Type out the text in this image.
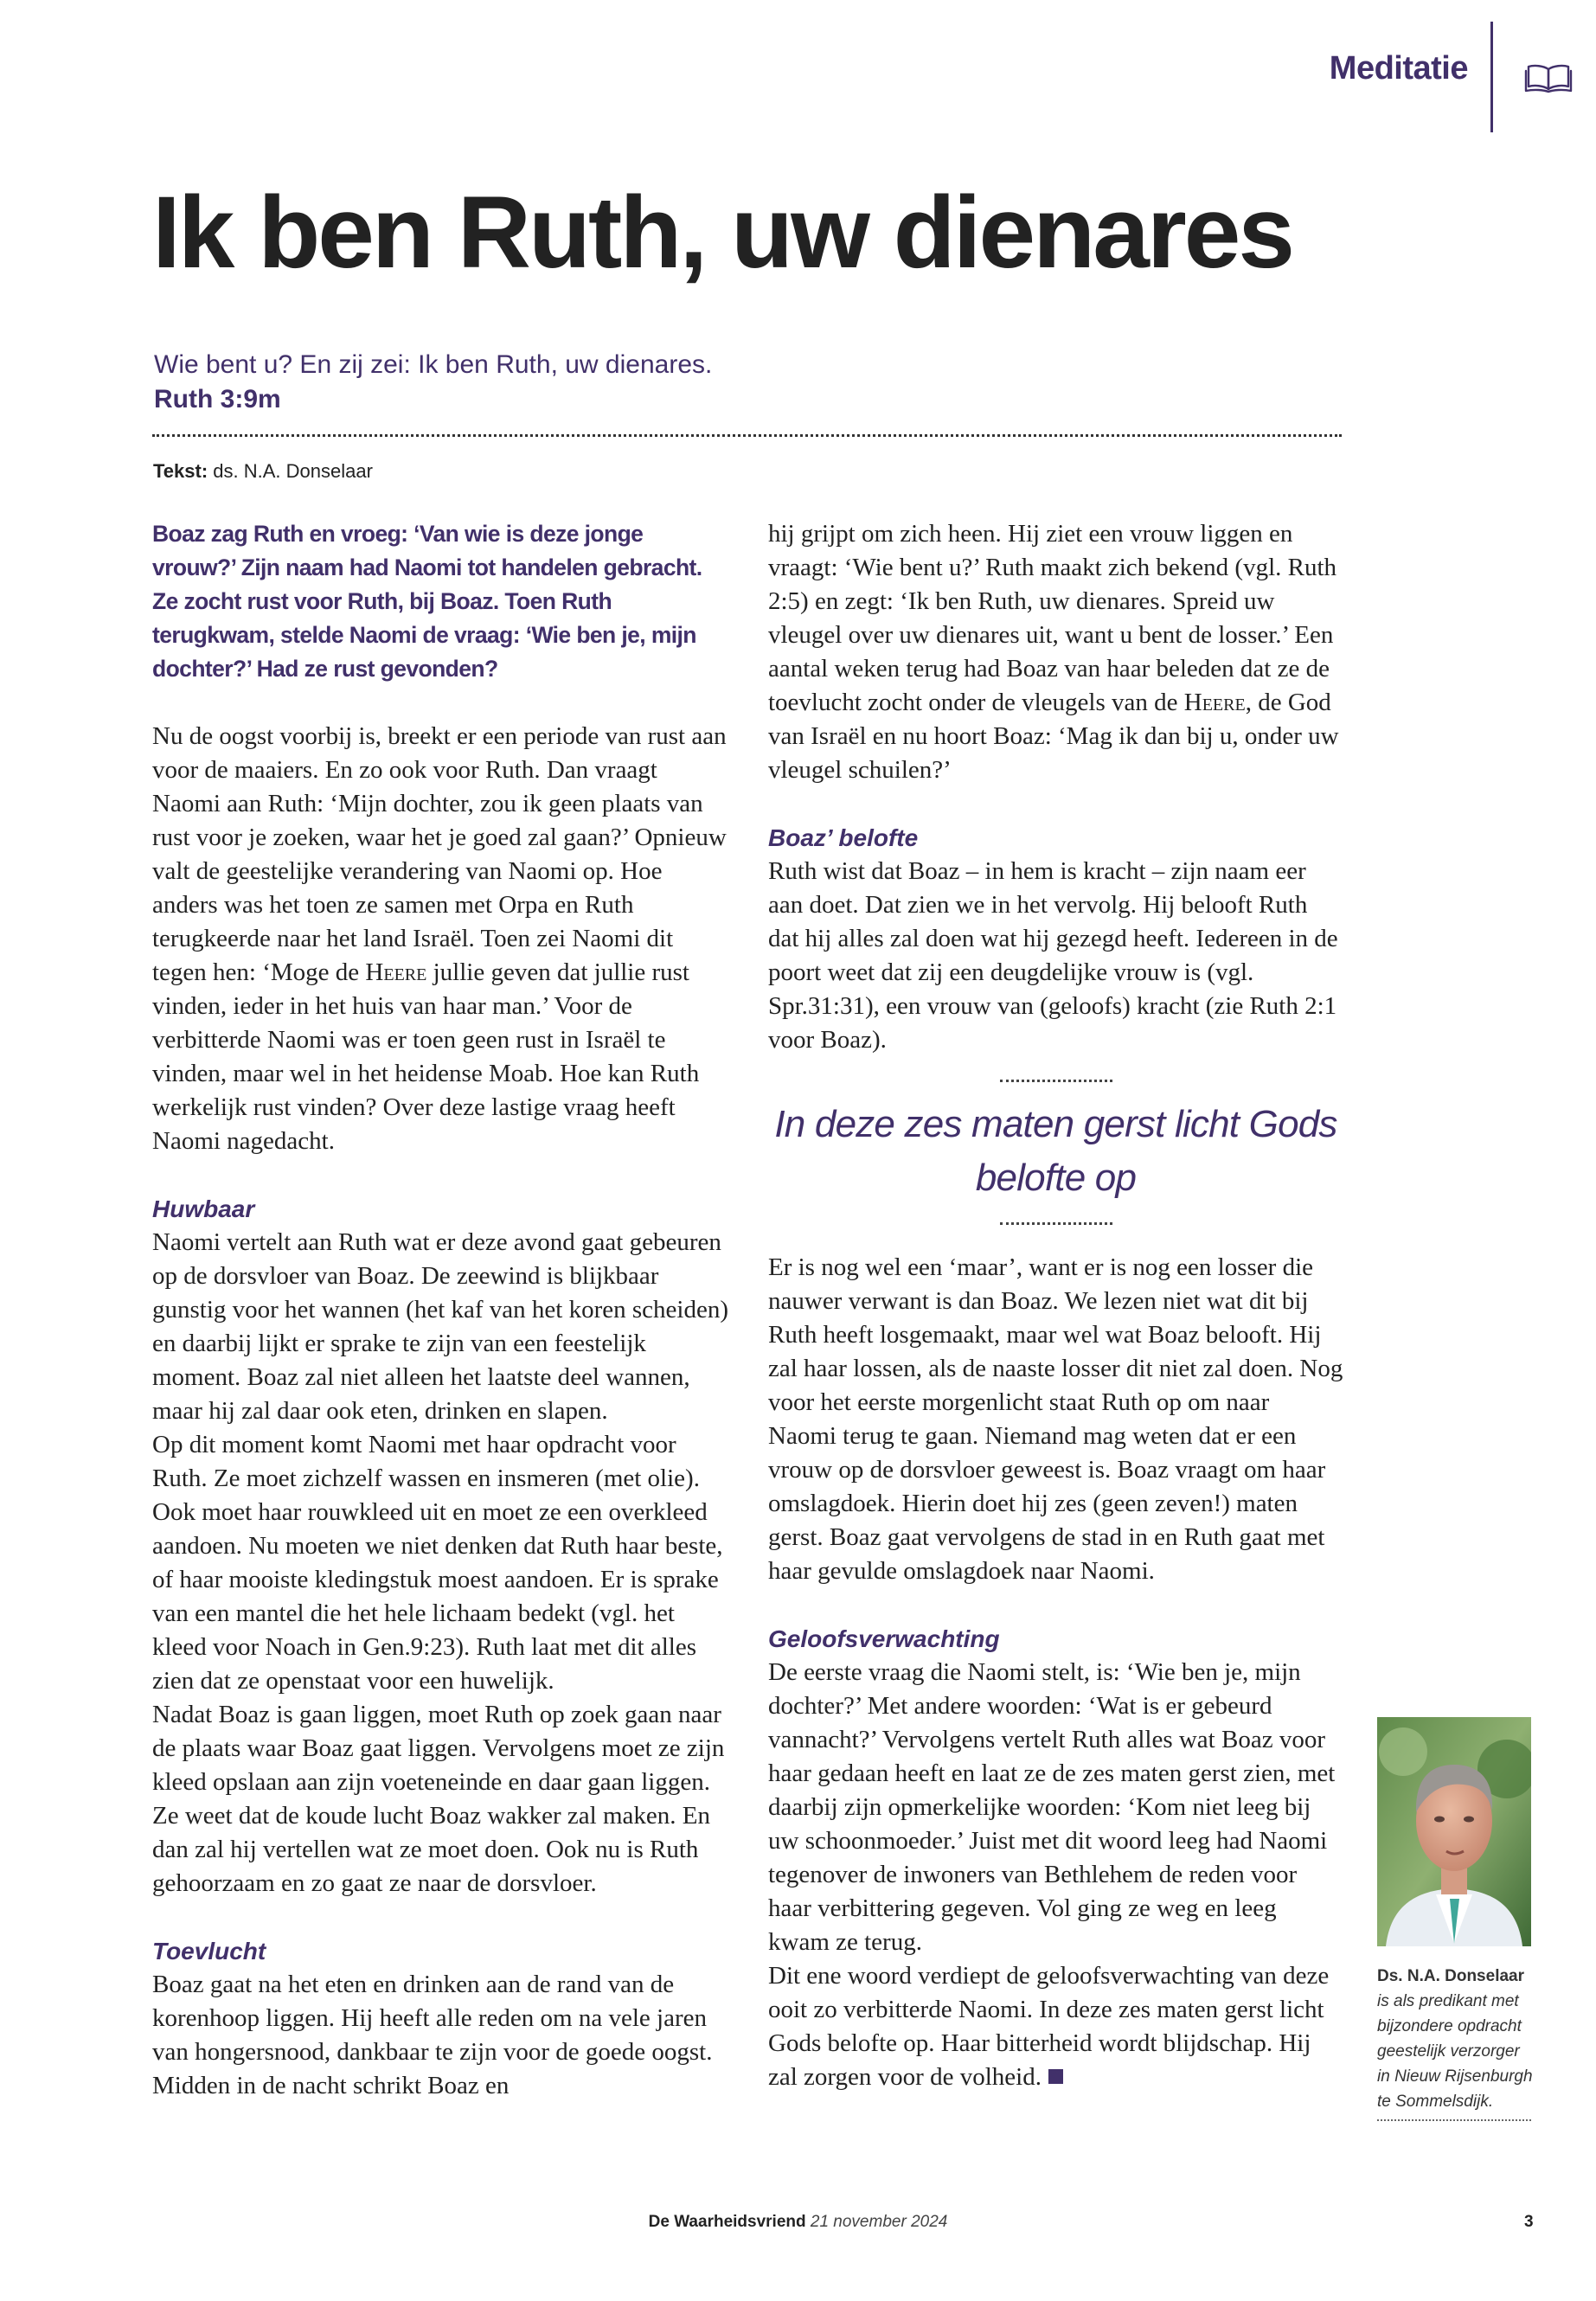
Meditatie
Ik ben Ruth, uw dienares
Wie bent u? En zij zei: Ik ben Ruth, uw dienares.
Ruth 3:9m
Tekst: ds. N.A. Donselaar

Boaz zag Ruth en vroeg: ‘Van wie is deze jonge vrouw?’ Zijn naam had Naomi tot handelen gebracht. Ze zocht rust voor Ruth, bij Boaz. Toen Ruth terugkwam, stelde Naomi de vraag: ‘Wie ben je, mijn dochter?’ Had ze rust gevonden?

Nu de oogst voorbij is, breekt er een periode van rust aan voor de maaiers. En zo ook voor Ruth. Dan vraagt Naomi aan Ruth: ‘Mijn dochter, zou ik geen plaats van rust voor je zoeken, waar het je goed zal gaan?’ Opnieuw valt de geestelijke verandering van Naomi op. Hoe anders was het toen ze samen met Orpa en Ruth terugkeerde naar het land Israël. Toen zei Naomi dit tegen hen: ‘Moge de Heere jullie geven dat jullie rust vinden, ieder in het huis van haar man.’ Voor de verbitterde Naomi was er toen geen rust in Israël te vinden, maar wel in het heidense Moab. Hoe kan Ruth werkelijk rust vinden? Over deze lastige vraag heeft Naomi nagedacht.

Huwbaar

Naomi vertelt aan Ruth wat er deze avond gaat gebeuren op de dorsvloer van Boaz. De zeewind is blijkbaar gunstig voor het wannen (het kaf van het koren scheiden) en daarbij lijkt er sprake te zijn van een feestelijk moment. Boaz zal niet alleen het laatste deel wannen, maar hij zal daar ook eten, drinken en slapen.

Op dit moment komt Naomi met haar opdracht voor Ruth. Ze moet zichzelf wassen en insmeren (met olie). Ook moet haar rouwkleed uit en moet ze een overkleed aandoen. Nu moeten we niet denken dat Ruth haar beste, of haar mooiste kledingstuk moest aandoen. Er is sprake van een mantel die het hele lichaam bedekt (vgl. het kleed voor Noach in Gen.9:23). Ruth laat met dit alles zien dat ze openstaat voor een huwelijk.

Nadat Boaz is gaan liggen, moet Ruth op zoek gaan naar de plaats waar Boaz gaat liggen. Vervolgens moet ze zijn kleed opslaan aan zijn voeteneinde en daar gaan liggen. Ze weet dat de koude lucht Boaz wakker zal maken. En dan zal hij vertellen wat ze moet doen. Ook nu is Ruth gehoorzaam en zo gaat ze naar de dorsvloer.

Toevlucht

Boaz gaat na het eten en drinken aan de rand van de korenhoop liggen. Hij heeft alle reden om na vele jaren van hongersnood, dankbaar te zijn voor de goede oogst. Midden in de nacht schrikt Boaz en

hij grijpt om zich heen. Hij ziet een vrouw liggen en vraagt: ‘Wie bent u?’ Ruth maakt zich bekend (vgl. Ruth 2:5) en zegt: ‘Ik ben Ruth, uw dienares. Spreid uw vleugel over uw dienares uit, want u bent de losser.’ Een aantal weken terug had Boaz van haar beleden dat ze de toevlucht zocht onder de vleugels van de Heere, de God van Israël en nu hoort Boaz: ‘Mag ik dan bij u, onder uw vleugel schuilen?’

Boaz’ belofte

Ruth wist dat Boaz – in hem is kracht – zijn naam eer aan doet. Dat zien we in het vervolg. Hij belooft Ruth dat hij alles zal doen wat hij gezegd heeft. Iedereen in de poort weet dat zij een deugdelijke vrouw is (vgl. Spr.31:31), een vrouw van (geloofs) kracht (zie Ruth 2:1 voor Boaz).

In deze zes maten gerst licht Gods belofte op

Er is nog wel een ‘maar’, want er is nog een losser die nauwer verwant is dan Boaz. We lezen niet wat dit bij Ruth heeft losgemaakt, maar wel wat Boaz belooft. Hij zal haar lossen, als de naaste losser dit niet zal doen. Nog voor het eerste morgenlicht staat Ruth op om naar Naomi terug te gaan. Niemand mag weten dat er een vrouw op de dorsvloer geweest is. Boaz vraagt om haar omslagdoek. Hierin doet hij zes (geen zeven!) maten gerst. Boaz gaat vervolgens de stad in en Ruth gaat met haar gevulde omslagdoek naar Naomi.

Geloofsverwachting

De eerste vraag die Naomi stelt, is: ‘Wie ben je, mijn dochter?’ Met andere woorden: ‘Wat is er gebeurd vannacht?’ Vervolgens vertelt Ruth alles wat Boaz voor haar gedaan heeft en laat ze de zes maten gerst zien, met daarbij zijn opmerkelijke woorden: ‘Kom niet leeg bij uw schoonmoeder.’ Juist met dit woord leeg had Naomi tegenover de inwoners van Bethlehem de reden voor haar verbittering gegeven. Vol ging ze weg en leeg kwam ze terug.

Dit ene woord verdiept de geloofsverwachting van deze ooit zo verbitterde Naomi. In deze zes maten gerst licht Gods belofte op. Haar bitterheid wordt blijdschap. Hij zal zorgen voor de volheid.

Ds. N.A. Donselaar
is als predikant met bijzondere opdracht geestelijk verzorger in Nieuw Rijsenburgh te Sommelsdijk.
De Waarheidsvriend 21 november 2024	3
